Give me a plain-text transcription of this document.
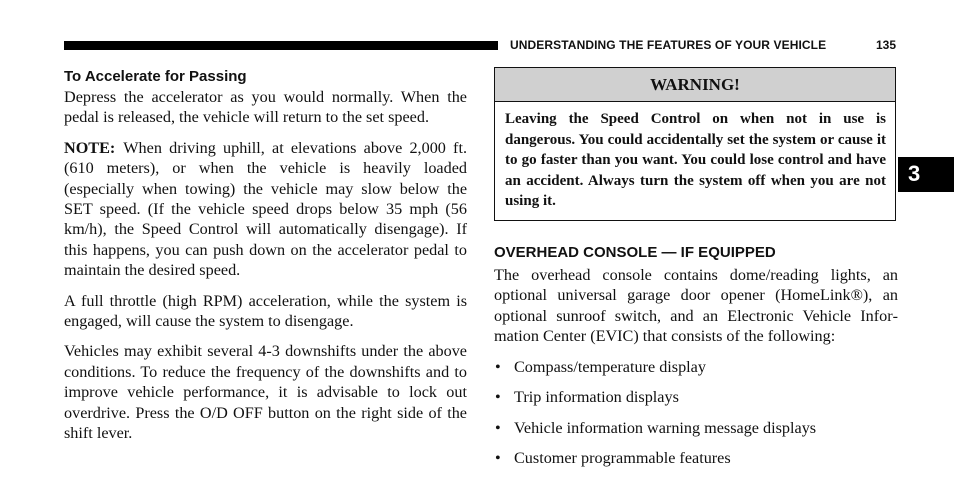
UNDERSTANDING THE FEATURES OF YOUR VEHICLE	135
To Accelerate for Passing

Depress the accelerator as you would normally. When the pedal is released, the vehicle will return to the set speed.

NOTE: When driving uphill, at elevations above 2,000 ft. (610 meters), or when the vehicle is heavily loaded (especially when towing) the vehicle may slow below the SET speed. (If the vehicle speed drops below 35 mph (56 km/h), the Speed Control will automatically disengage). If this happens, you can push down on the accelerator pedal to maintain the desired speed.

A full throttle (high RPM) acceleration, while the system is engaged, will cause the system to disengage.

Vehicles may exhibit several 4-3 downshifts under the above conditions. To reduce the frequency of the downshifts and to improve vehicle performance, it is advisable to lock out overdrive. Press the O/D OFF button on the right side of the shift lever.

WARNING!
Leaving the Speed Control on when not in use is dangerous. You could accidentally set the system or cause it to go faster than you want. You could lose control and have an accident. Always turn the system off when you are not using it.
OVERHEAD CONSOLE — IF EQUIPPED

The overhead console contains dome/reading lights, an optional universal garage door opener (HomeLink®), an optional sunroof switch, and an Electronic Vehicle Information Center (EVIC) that consists of the following:

• Compass/temperature display
• Trip information displays
• Vehicle information warning message displays
• Customer programmable features
3
